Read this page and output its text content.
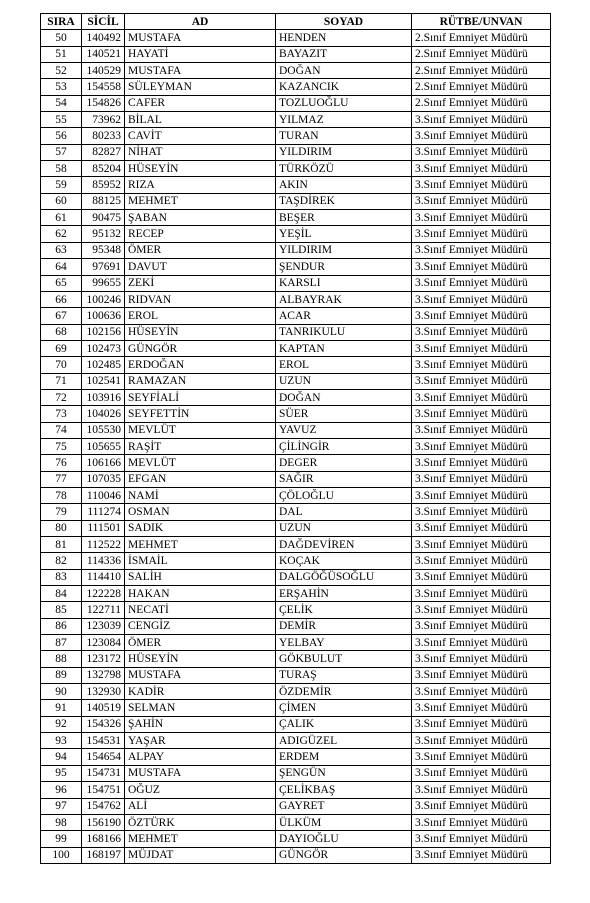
SIRA	SİCİL	AD	SOYAD	RÜTBE/UNVAN
50	140492	MUSTAFA	HENDEN	2.Sınıf Emniyet Müdürü
51	140521	HAYATİ	BAYAZIT	2.Sınıf Emniyet Müdürü
52	140529	MUSTAFA	DOĞAN	2.Sınıf Emniyet Müdürü
53	154558	SÜLEYMAN	KAZANCIK	2.Sınıf Emniyet Müdürü
54	154826	CAFER	TOZLUOĞLU	2.Sınıf Emniyet Müdürü
55	73962	BİLAL	YILMAZ	3.Sınıf Emniyet Müdürü
56	80233	CAVİT	TURAN	3.Sınıf Emniyet Müdürü
57	82827	NİHAT	YILDIRIM	3.Sınıf Emniyet Müdürü
58	85204	HÜSEYİN	TÜRKÖZÜ	3.Sınıf Emniyet Müdürü
59	85952	RIZA	AKIN	3.Sınıf Emniyet Müdürü
60	88125	MEHMET	TAŞDİREK	3.Sınıf Emniyet Müdürü
61	90475	ŞABAN	BEŞER	3.Sınıf Emniyet Müdürü
62	95132	RECEP	YEŞİL	3.Sınıf Emniyet Müdürü
63	95348	ÖMER	YILDIRIM	3.Sınıf Emniyet Müdürü
64	97691	DAVUT	ŞENDUR	3.Sınıf Emniyet Müdürü
65	99655	ZEKİ	KARSLI	3.Sınıf Emniyet Müdürü
66	100246	RIDVAN	ALBAYRAK	3.Sınıf Emniyet Müdürü
67	100636	EROL	ACAR	3.Sınıf Emniyet Müdürü
68	102156	HÜSEYİN	TANRIKULU	3.Sınıf Emniyet Müdürü
69	102473	GÜNGÖR	KAPTAN	3.Sınıf Emniyet Müdürü
70	102485	ERDOĞAN	EROL	3.Sınıf Emniyet Müdürü
71	102541	RAMAZAN	UZUN	3.Sınıf Emniyet Müdürü
72	103916	SEYFİALİ	DOĞAN	3.Sınıf Emniyet Müdürü
73	104026	SEYFETTİN	SÜER	3.Sınıf Emniyet Müdürü
74	105530	MEVLÜT	YAVUZ	3.Sınıf Emniyet Müdürü
75	105655	RAŞİT	ÇİLİNGİR	3.Sınıf Emniyet Müdürü
76	106166	MEVLÜT	DEGER	3.Sınıf Emniyet Müdürü
77	107035	EFGAN	SAĞIR	3.Sınıf Emniyet Müdürü
78	110046	NAMİ	ÇÖLOĞLU	3.Sınıf Emniyet Müdürü
79	111274	OSMAN	DAL	3.Sınıf Emniyet Müdürü
80	111501	SADIK	UZUN	3.Sınıf Emniyet Müdürü
81	112522	MEHMET	DAĞDEVİREN	3.Sınıf Emniyet Müdürü
82	114336	İSMAİL	KOÇAK	3.Sınıf Emniyet Müdürü
83	114410	SALİH	DALGÖĞÜSOĞLU	3.Sınıf Emniyet Müdürü
84	122228	HAKAN	ERŞAHİN	3.Sınıf Emniyet Müdürü
85	122711	NECATİ	ÇELİK	3.Sınıf Emniyet Müdürü
86	123039	CENGİZ	DEMİR	3.Sınıf Emniyet Müdürü
87	123084	ÖMER	YELBAY	3.Sınıf Emniyet Müdürü
88	123172	HÜSEYİN	GÖKBULUT	3.Sınıf Emniyet Müdürü
89	132798	MUSTAFA	TURAŞ	3.Sınıf Emniyet Müdürü
90	132930	KADİR	ÖZDEMİR	3.Sınıf Emniyet Müdürü
91	140519	SELMAN	ÇİMEN	3.Sınıf Emniyet Müdürü
92	154326	ŞAHİN	ÇALIK	3.Sınıf Emniyet Müdürü
93	154531	YAŞAR	ADIGÜZEL	3.Sınıf Emniyet Müdürü
94	154654	ALPAY	ERDEM	3.Sınıf Emniyet Müdürü
95	154731	MUSTAFA	ŞENGÜN	3.Sınıf Emniyet Müdürü
96	154751	OĞUZ	ÇELİKBAŞ	3.Sınıf Emniyet Müdürü
97	154762	ALİ	GAYRET	3.Sınıf Emniyet Müdürü
98	156190	ÖZTÜRK	ÜLKÜM	3.Sınıf Emniyet Müdürü
99	168166	MEHMET	DAYIOĞLU	3.Sınıf Emniyet Müdürü
100	168197	MÜJDAT	GÜNGÖR	3.Sınıf Emniyet Müdürü
